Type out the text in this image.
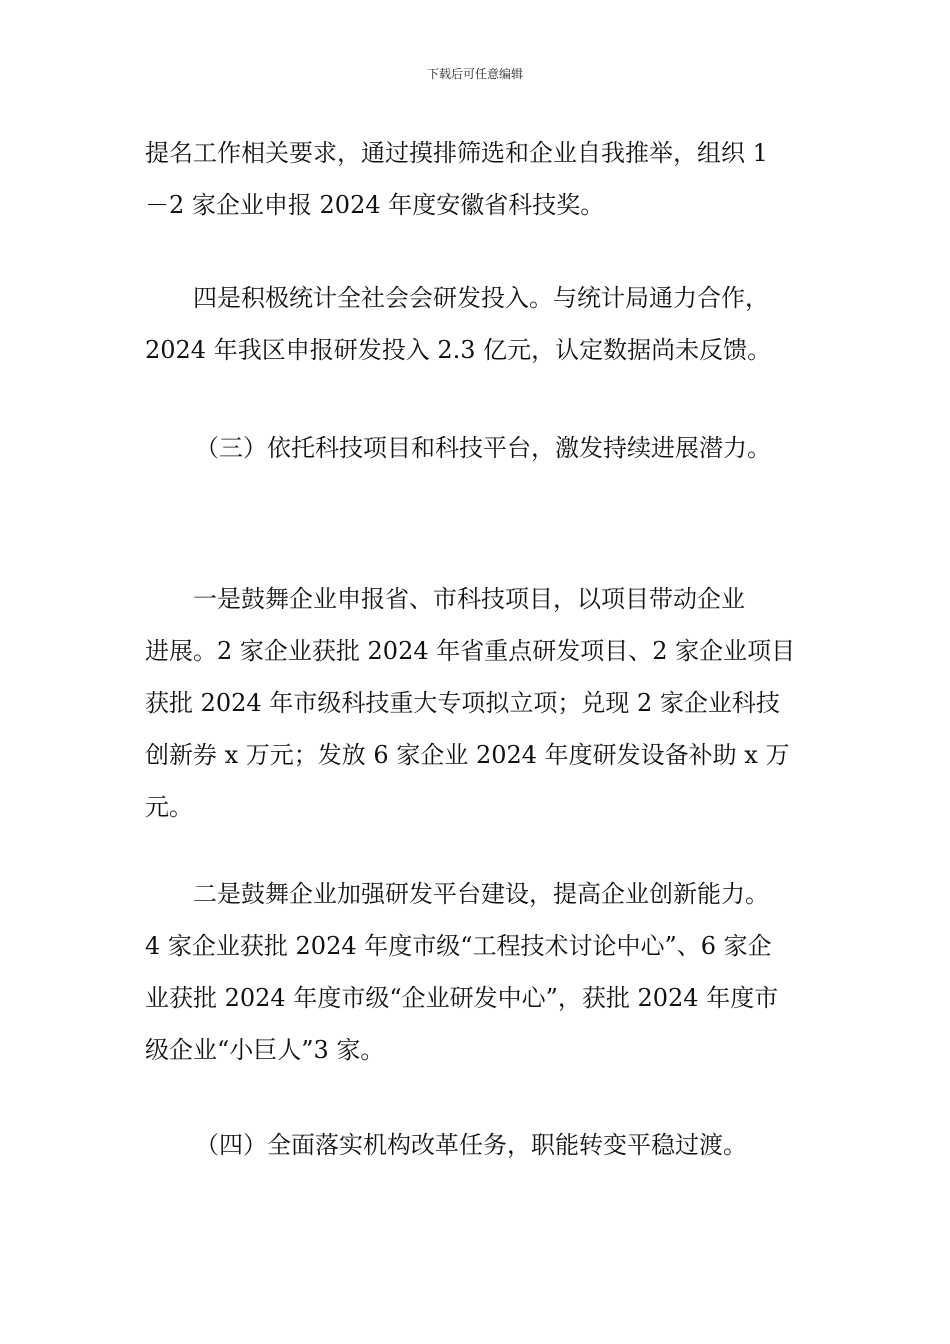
下载后可任意编辑
提名工作相关要求，通过摸排筛选和企业自我推举，组织 1
－2 家企业申报 2024 年度安徽省科技奖。
　　四是积极统计全社会会研发投入。与统计局通力合作，
2024 年我区申报研发投入 2.3 亿元，认定数据尚未反馈。
（三）依托科技项目和科技平台，激发持续进展潜力。
　　一是鼓舞企业申报省、市科技项目，以项目带动企业
进展。2 家企业获批 2024 年省重点研发项目、2 家企业项目
获批 2024 年市级科技重大专项拟立项；兑现 2 家企业科技
创新券 x 万元；发放 6 家企业 2024 年度研发设备补助 x 万
元。
　　二是鼓舞企业加强研发平台建设，提高企业创新能力。
4 家企业获批 2024 年度市级“工程技术讨论中心”、6 家企
业获批 2024 年度市级“企业研发中心”，获批 2024 年度市
级企业“小巨人”3 家。
（四）全面落实机构改革任务，职能转变平稳过渡。
